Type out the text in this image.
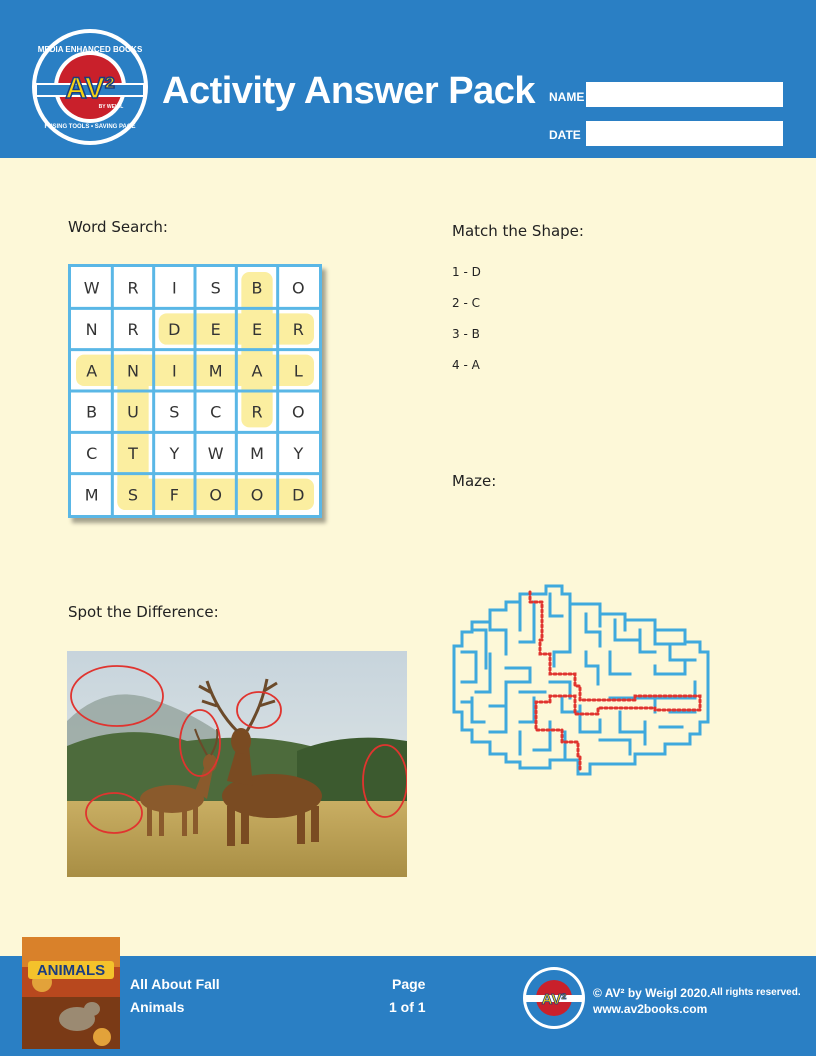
AV²
MEDIA ENHANCED BOOKS
FUSING TOOLS • SAVING PAGE
BY WEIGL Activity Answer Pack NAME
DATE
Word Search:
W R I S B O
N R D E E R
A N I M A L
B U S C R O
C T Y W M Y
M S F O O D
Match the Shape:
1 - D
2 - C
3 - B
4 - A
Maze:
Spot the Difference:
ANIMALS
All About Fall
Animals
Page
1 of 1	AV² © AV² by Weigl 2020. All rights reserved.
www.av2books.com
